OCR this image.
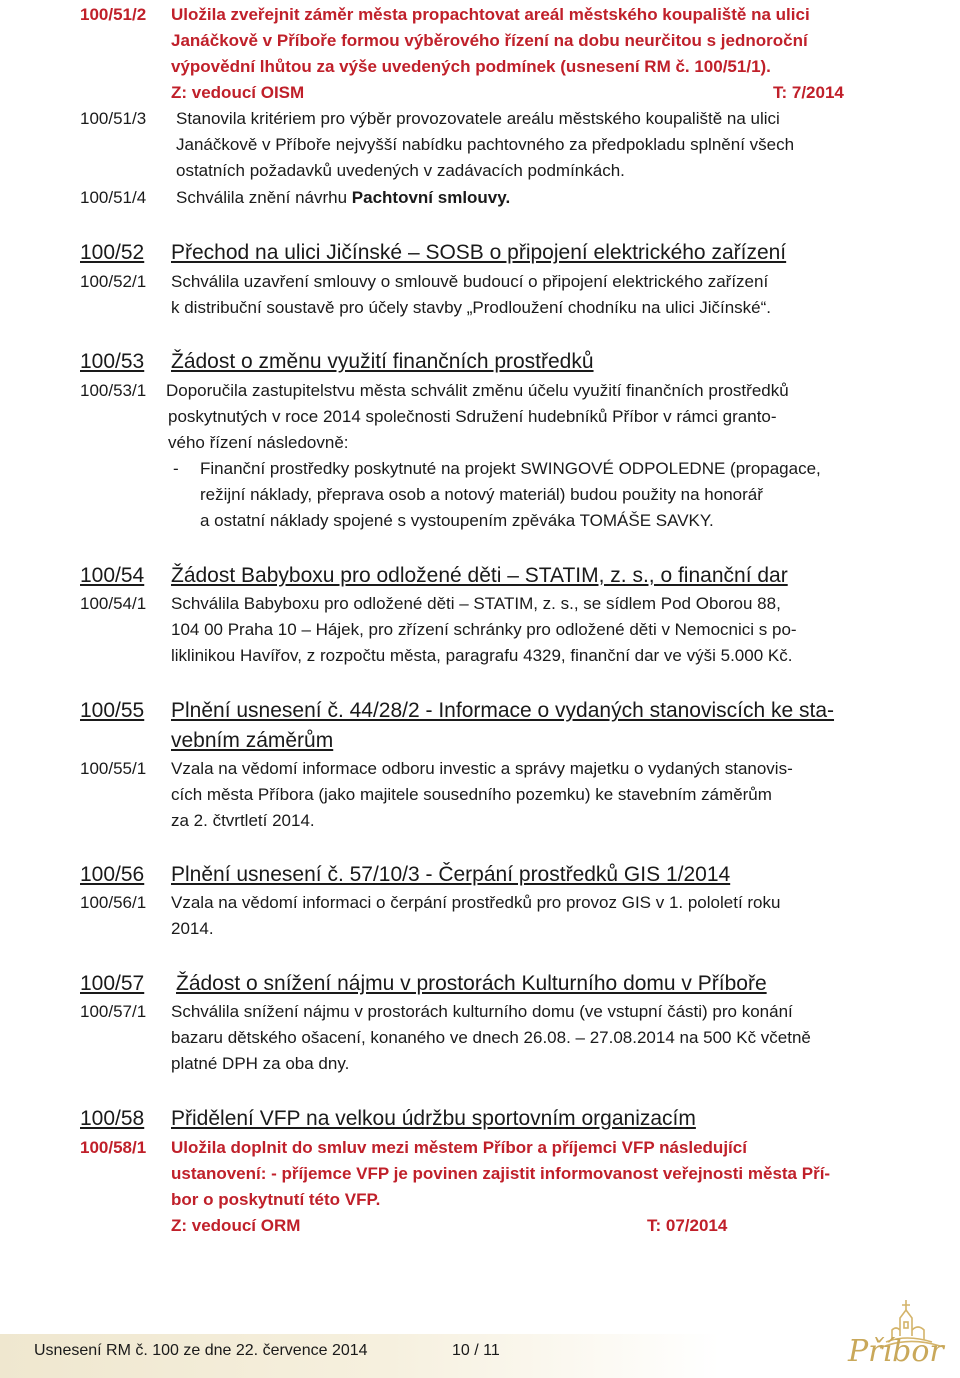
100/51/2 Uložila zveřejnit záměr města propachtovat areál městského koupaliště na ulici
Janáčkově v Příboře formou výběrového řízení na dobu neurčitou s jednoroční
výpovědní lhůtou za výše uvedených podmínek (usnesení RM č. 100/51/1).
Z: vedoucí OISM	T: 7/2014
100/51/3 Stanovila kritériem pro výběr provozovatele areálu městského koupaliště na ulici
Janáčkově v Příboře nejvyšší nabídku pachtovného za předpokladu splnění všech
ostatních požadavků uvedených v zadávacích podmínkách.
100/51/4 Schválila znění návrhu Pachtovní smlouvy.
100/52 Přechod na ulici Jičínské – SOSB o připojení elektrického zařízení
100/52/1 Schválila uzavření smlouvy o smlouvě budoucí o připojení elektrického zařízení
k distribuční soustavě pro účely stavby „Prodloužení chodníku na ulici Jičínské“.
100/53 Žádost o změnu využití finančních prostředků
100/53/1 Doporučila zastupitelstvu města schválit změnu účelu využití finančních prostředků
poskytnutých v roce 2014 společnosti Sdružení hudebníků Příbor v rámci granto-
vého řízení následovně:
- Finanční prostředky poskytnuté na projekt SWINGOVÉ ODPOLEDNE (propagace,
režijní náklady, přeprava osob a notový materiál) budou použity na honorář
a ostatní náklady spojené s vystoupením zpěváka TOMÁŠE SAVKY.
100/54 Žádost Babyboxu pro odložené děti – STATIM, z. s., o finanční dar
100/54/1 Schválila Babyboxu pro odložené děti – STATIM, z. s., se sídlem Pod Oborou 88,
104 00 Praha 10 – Hájek, pro zřízení schránky pro odložené děti v Nemocnici s po-
liklinikou Havířov, z rozpočtu města, paragrafu 4329, finanční dar ve výši 5.000 Kč.
100/55 Plnění usnesení č. 44/28/2 - Informace o vydaných stanoviscích ke sta-
vebním záměrům
100/55/1 Vzala na vědomí informace odboru investic a správy majetku o vydaných stanovis-
cích města Příbora (jako majitele sousedního pozemku) ke stavebním záměrům
za 2. čtvrtletí 2014.
100/56 Plnění usnesení č. 57/10/3 - Čerpání prostředků GIS 1/2014
100/56/1 Vzala na vědomí informaci o čerpání prostředků pro provoz GIS v 1. pololetí roku
2014.
100/57 Žádost o snížení nájmu v prostorách Kulturního domu v Příboře
100/57/1 Schválila snížení nájmu v prostorách kulturního domu (ve vstupní části) pro konání
bazaru dětského ošacení, konaného ve dnech 26.08. – 27.08.2014 na 500 Kč včetně
platné DPH za oba dny.
100/58 Přidělení VFP na velkou údržbu sportovním organizacím
100/58/1 Uložila doplnit do smluv mezi městem Příbor a příjemci VFP následující
ustanovení: - příjemce VFP je povinen zajistit informovanost veřejnosti města Pří-
bor o poskytnutí této VFP.
Z: vedoucí ORM	T: 07/2014
Příbor
Usnesení RM č. 100 ze dne 22. července 2014	10 / 11
